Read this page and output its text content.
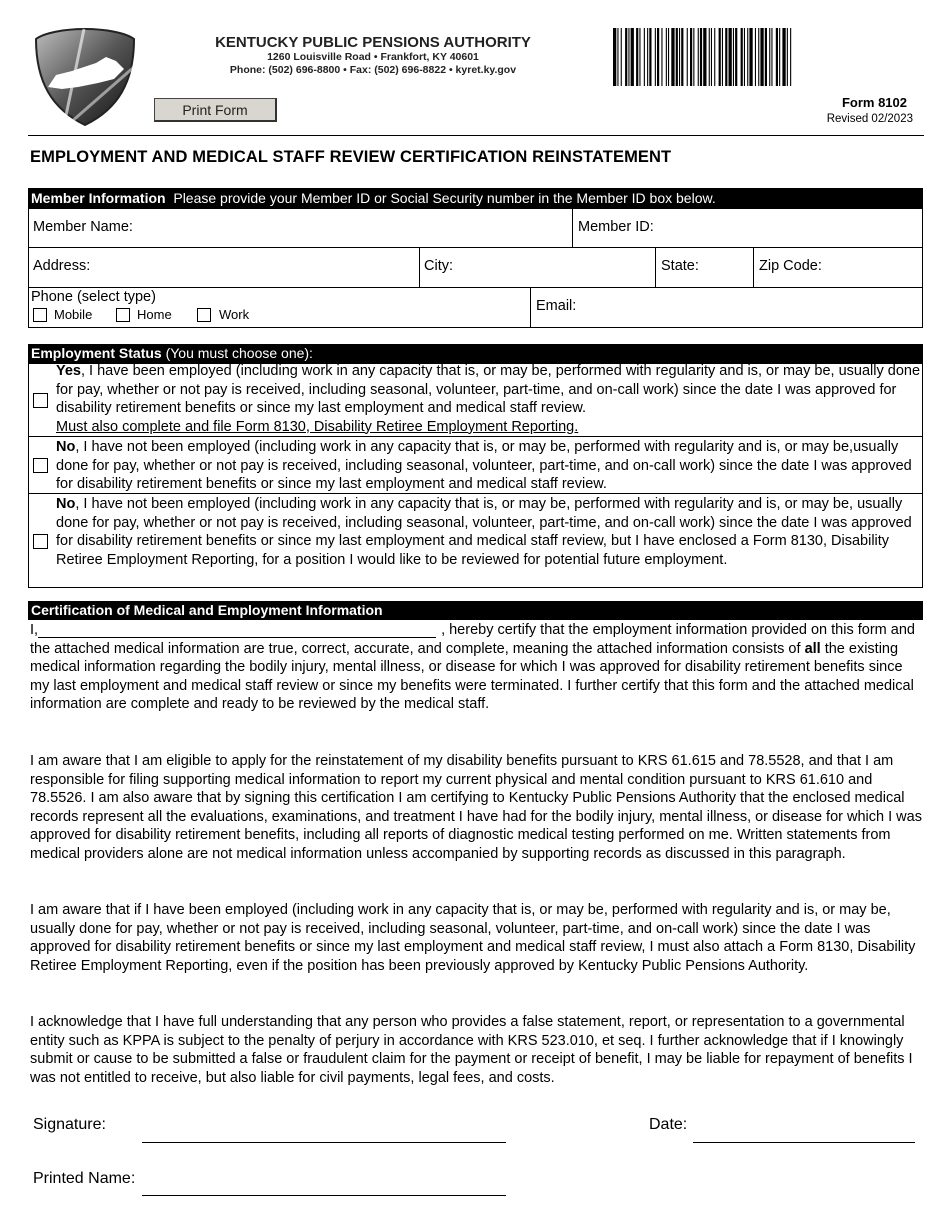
KENTUCKY PUBLIC PENSIONS AUTHORITY
1260 Louisville Road • Frankfort, KY 40601
Phone: (502) 696-8800 • Fax: (502) 696-8822 • kyret.ky.gov
Print Form	Form 8102
Revised 02/2023
EMPLOYMENT AND MEDICAL STAFF REVIEW CERTIFICATION REINSTATEMENT
Member Information Please provide your Member ID or Social Security number in the Member ID box below.
Member Name:	Member ID:
Address:	City:	State:	Zip Code:
Phone (select type)
Mobile	Home	Work
Email:
Employment Status (You must choose one):
Yes, I have been employed (including work in any capacity that is, or may be, performed with regularity and is, or may be, usually done for pay, whether or not pay is received, including seasonal, volunteer, part-time, and on-call work) since the date I was approved for disability retirement benefits or since my last employment and medical staff review.
Must also complete and file Form 8130, Disability Retiree Employment Reporting.
No, I have not been employed (including work in any capacity that is, or may be, performed with regularity and is, or may be,usually done for pay, whether or not pay is received, including seasonal, volunteer, part-time, and on-call work) since the date I was approved for disability retirement benefits or since my last employment and medical staff review.
No, I have not been employed (including work in any capacity that is, or may be, performed with regularity and is, or may be, usually done for pay, whether or not pay is received, including seasonal, volunteer, part-time, and on-call work) since the date I was approved for disability retirement benefits or since my last employment and medical staff review, but I have enclosed a Form 8130, Disability Retiree Employment Reporting, for a position I would like to be reviewed for potential future employment.
Certification of Medical and Employment Information
I,	, hereby certify that the employment information provided on this form and the attached medical information are true, correct, accurate, and complete, meaning the attached information consists of all the existing medical information regarding the bodily injury, mental illness, or disease for which I was approved for disability retirement benefits since my last employment and medical staff review or since my benefits were terminated. I further certify that this form and the attached medical information are complete and ready to be reviewed by the medical staff.
I am aware that I am eligible to apply for the reinstatement of my disability benefits pursuant to KRS 61.615 and 78.5528, and that I am responsible for filing supporting medical information to report my current physical and mental condition pursuant to KRS 61.610 and 78.5526. I am also aware that by signing this certification I am certifying to Kentucky Public Pensions Authority that the enclosed medical records represent all the evaluations, examinations, and treatment I have had for the bodily injury, mental illness, or disease for which I was approved for disability retirement benefits, including all reports of diagnostic medical testing performed on me. Written statements from medical providers alone are not medical information unless accompanied by supporting records as discussed in this paragraph.
I am aware that if I have been employed (including work in any capacity that is, or may be, performed with regularity and is, or may be, usually done for pay, whether or not pay is received, including seasonal, volunteer, part-time, and on-call work) since the date I was approved for disability retirement benefits or since my last employment and medical staff review, I must also attach a Form 8130, Disability Retiree Employment Reporting, even if the position has been previously approved by Kentucky Public Pensions Authority.
I acknowledge that I have full understanding that any person who provides a false statement, report, or representation to a governmental entity such as KPPA is subject to the penalty of perjury in accordance with KRS 523.010, et seq. I further acknowledge that if I knowingly submit or cause to be submitted a false or fraudulent claim for the payment or receipt of benefit, I may be liable for repayment of benefits I was not entitled to receive, but also liable for civil payments, legal fees, and costs.
Signature:	Date:
Printed Name:
